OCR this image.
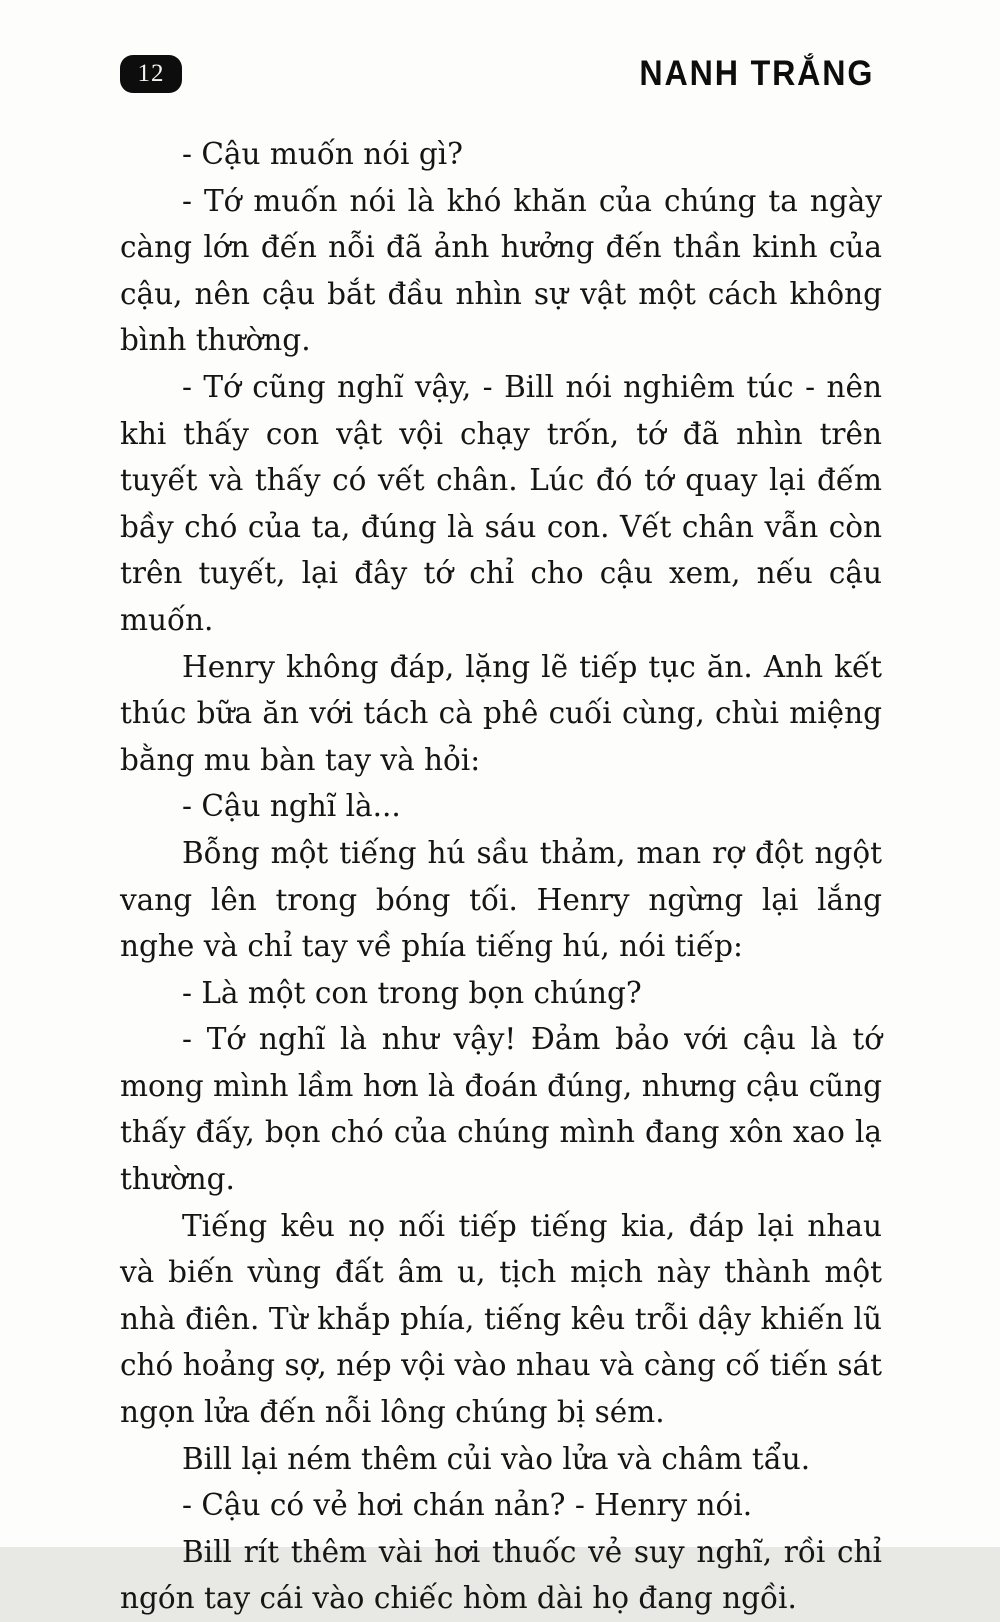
12	NANH TRẮNG

- Cậu muốn nói gì?

- Tớ muốn nói là khó khăn của chúng ta ngày càng lớn đến nỗi đã ảnh hưởng đến thần kinh của cậu, nên cậu bắt đầu nhìn sự vật một cách không bình thường.

- Tớ cũng nghĩ vậy, - Bill nói nghiêm túc - nên khi thấy con vật vội chạy trốn, tớ đã nhìn trên tuyết và thấy có vết chân. Lúc đó tớ quay lại đếm bầy chó của ta, đúng là sáu con. Vết chân vẫn còn trên tuyết, lại đây tớ chỉ cho cậu xem, nếu cậu muốn.

Henry không đáp, lặng lẽ tiếp tục ăn. Anh kết thúc bữa ăn với tách cà phê cuối cùng, chùi miệng bằng mu bàn tay và hỏi:

- Cậu nghĩ là...

Bỗng một tiếng hú sầu thảm, man rợ đột ngột vang lên trong bóng tối. Henry ngừng lại lắng nghe và chỉ tay về phía tiếng hú, nói tiếp:

- Là một con trong bọn chúng?

- Tớ nghĩ là như vậy! Đảm bảo với cậu là tớ mong mình lầm hơn là đoán đúng, nhưng cậu cũng thấy đấy, bọn chó của chúng mình đang xôn xao lạ thường.

Tiếng kêu nọ nối tiếp tiếng kia, đáp lại nhau và biến vùng đất âm u, tịch mịch này thành một nhà điên. Từ khắp phía, tiếng kêu trỗi dậy khiến lũ chó hoảng sợ, nép vội vào nhau và càng cố tiến sát ngọn lửa đến nỗi lông chúng bị sém.

Bill lại ném thêm củi vào lửa và châm tẩu.

- Cậu có vẻ hơi chán nản? - Henry nói.

Bill rít thêm vài hơi thuốc vẻ suy nghĩ, rồi chỉ ngón tay cái vào chiếc hòm dài họ đang ngồi.
